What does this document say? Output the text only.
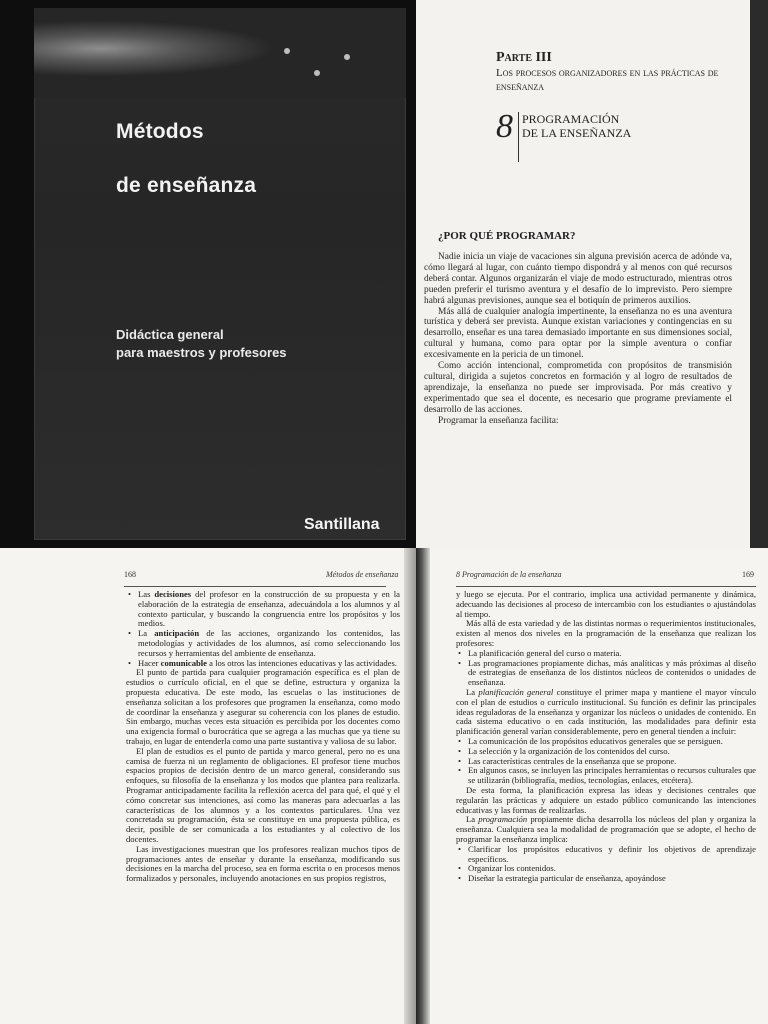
Métodos
de enseñanza
Didáctica general
para maestros y profesores
Santillana
Parte III
Los procesos organizadores en las prácticas de enseñanza
8 PROGRAMACIÓN
DE LA ENSEÑANZA
¿POR QUÉ PROGRAMAR?

Nadie inicia un viaje de vacaciones sin alguna previsión acerca de adónde va, cómo llegará al lugar, con cuánto tiempo dispondrá y al menos con qué recursos deberá contar. Algunos organizarán el viaje de modo estructurado, mientras otros pueden preferir el turismo aventura y el desafío de lo imprevisto. Pero siempre habrá algunas previsiones, aunque sea el botiquín de primeros auxilios.

Más allá de cualquier analogía impertinente, la enseñanza no es una aventura turística y deberá ser prevista. Aunque existan variaciones y contingencias en su desarrollo, enseñar es una tarea demasiado importante en sus dimensiones social, cultural y humana, como para optar por la simple aventura o confiar excesivamente en la pericia de un timonel.

Como acción intencional, comprometida con propósitos de transmisión cultural, dirigida a sujetos concretos en formación y al logro de resultados de aprendizaje, la enseñanza no puede ser improvisada. Por más creativo y experimentado que sea el docente, es necesario que programe previamente el desarrollo de las acciones.

Programar la enseñanza facilita:

168	Métodos de enseñanza
• Las decisiones del profesor en la construcción de su propuesta y en la elaboración de la estrategia de enseñanza, adecuándola a los alumnos y al contexto particular, y buscando la congruencia entre los propósitos y los medios.
• La anticipación de las acciones, organizando los contenidos, las metodologías y actividades de los alumnos, así como seleccionando los recursos y herramientas del ambiente de enseñanza.
• Hacer comunicable a los otros las intenciones educativas y las actividades.

El punto de partida para cualquier programación específica es el plan de estudios o currículo oficial, en el que se define, estructura y organiza la propuesta educativa. De este modo, las escuelas o las instituciones de enseñanza solicitan a los profesores que programen la enseñanza, como modo de coordinar la enseñanza y asegurar su coherencia con los planes de estudio. Sin embargo, muchas veces esta situación es percibida por los docentes como una exigencia formal o burocrática que se agrega a las muchas que ya tiene su trabajo, en lugar de entenderla como una parte sustantiva y valiosa de su labor.

El plan de estudios es el punto de partida y marco general, pero no es una camisa de fuerza ni un reglamento de obligaciones. El profesor tiene muchos espacios propios de decisión dentro de un marco general, considerando sus enfoques, su filosofía de la enseñanza y los modos que plantea para realizarla. Programar anticipadamente facilita la reflexión acerca del para qué, el qué y el cómo concretar sus intenciones, así como las maneras para adecuarlas a las características de los alumnos y a los contextos particulares. Una vez concretada su programación, ésta se constituye en una propuesta pública, es decir, posible de ser comunicada a los estudiantes y al colectivo de los docentes.

Las investigaciones muestran que los profesores realizan muchos tipos de programaciones antes de enseñar y durante la enseñanza, modificando sus decisiones en la marcha del proceso, sea en forma escrita o en procesos menos formalizados y personales, incluyendo anotaciones en sus propios registros,

8 Programación de la enseñanza	169

y luego se ejecuta. Por el contrario, implica una actividad permanente y dinámica, adecuando las decisiones al proceso de intercambio con los estudiantes o ajustándolas al tiempo.

Más allá de esta variedad y de las distintas normas o requerimientos institucionales, existen al menos dos niveles en la programación de la enseñanza que realizan los profesores:

• La planificación general del curso o materia.
• Las programaciones propiamente dichas, más analíticas y más próximas al diseño de estrategias de enseñanza de los distintos núcleos de contenidos o unidades de enseñanza.

La planificación general constituye el primer mapa y mantiene el mayor vínculo con el plan de estudios o currículo institucional. Su función es definir las principales ideas reguladoras de la enseñanza y organizar los núcleos o unidades de contenido. En cada sistema educativo o en cada institución, las modalidades para definir esta planificación general varían considerablemente, pero en general tienden a incluir:

• La comunicación de los propósitos educativos generales que se persiguen.
• La selección y la organización de los contenidos del curso.
• Las características centrales de la enseñanza que se propone.
• En algunos casos, se incluyen las principales herramientas o recursos culturales que se utilizarán (bibliografía, medios, tecnologías, enlaces, etcétera).

De esta forma, la planificación expresa las ideas y decisiones centrales que regularán las prácticas y adquiere un estado público comunicando las intenciones educativas y las formas de realizarlas.

La programación propiamente dicha desarrolla los núcleos del plan y organiza la enseñanza. Cualquiera sea la modalidad de programación que se adopte, el hecho de programar la enseñanza implica:

• Clarificar los propósitos educativos y definir los objetivos de aprendizaje específicos.
• Organizar los contenidos.
• Diseñar la estrategia particular de enseñanza, apoyándose
